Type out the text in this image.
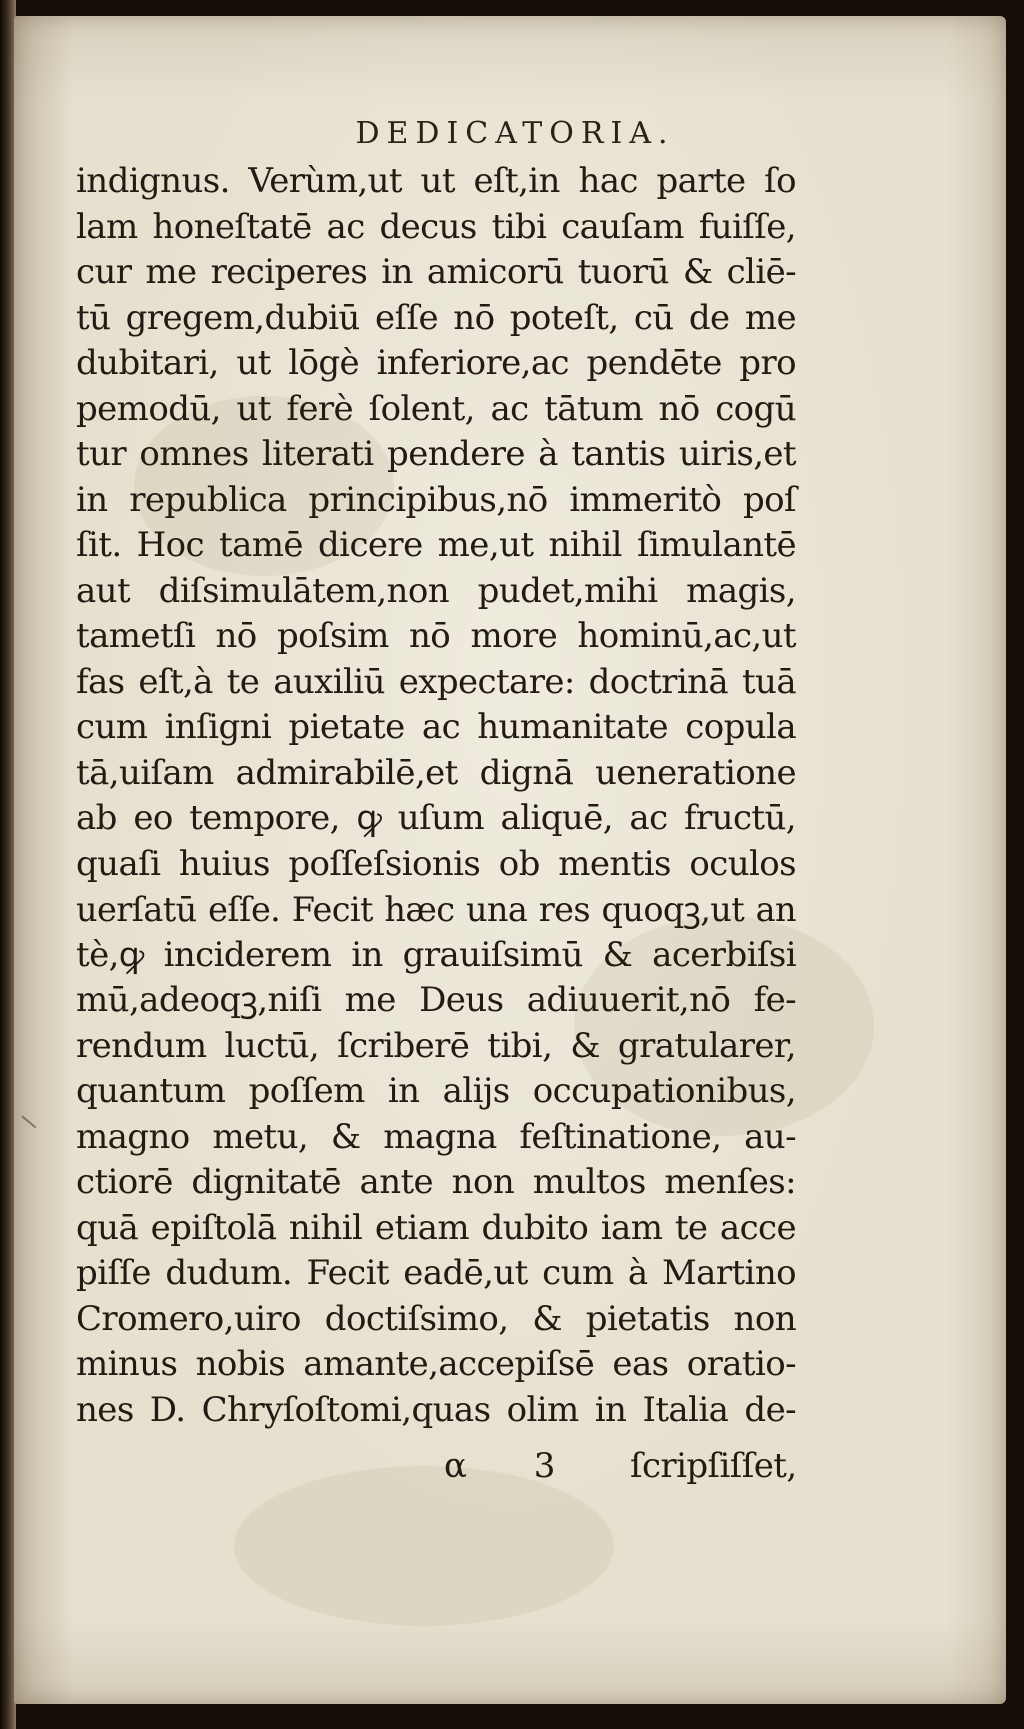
DEDICATORIA.
indignus. Verùm,ut ut eſt,in hac parte ſo
lam honeſtatē ac decus tibi cauſam fuiſſe,
cur me reciperes in amicorū tuorū & cliē-
tū gregem,dubiū eſſe nō poteſt, cū de me
dubitari, ut lōgè inferiore,ac pendēte pro
pemodū, ut ferè ſolent, ac tātum nō cogū
tur omnes literati pendere à tantis uiris,et
in republica principibus,nō immeritò poſ
ſit. Hoc tamē dicere me,ut nihil ſimulantē
aut diſsimulātem,non pudet,mihi magis,
tametſi nō poſsim nō more hominū,ac,ut
fas eſt,à te auxiliū expectare: doctrinā tuā
cum inſigni pietate ac humanitate copula
tā,uiſam admirabilē,et dignā ueneratione
ab eo tempore, ꝙ uſum aliquē, ac fructū,
quaſi huius poſſeſsionis ob mentis oculos
uerſatū eſſe. Fecit hæc una res quoqꝫ,ut an
tè,ꝙ inciderem in grauiſsimū & acerbiſsi
mū,adeoqꝫ,niſi me Deus adiuuerit,nō fe-
rendum luctū, ſcriberē tibi, & gratularer,
quantum poſſem in alijs occupationibus,
magno metu, & magna feſtinatione, au-
ctiorē dignitatē ante non multos menſes:
quā epiſtolā nihil etiam dubito iam te acce
piſſe dudum. Fecit eadē,ut cum à Martino
Cromero,uiro doctiſsimo, & pietatis non
minus nobis amante,accepiſsē eas oratio-
nes D. Chryſoſtomi,quas olim in Italia de-
α 3 ſcripſiſſet,
